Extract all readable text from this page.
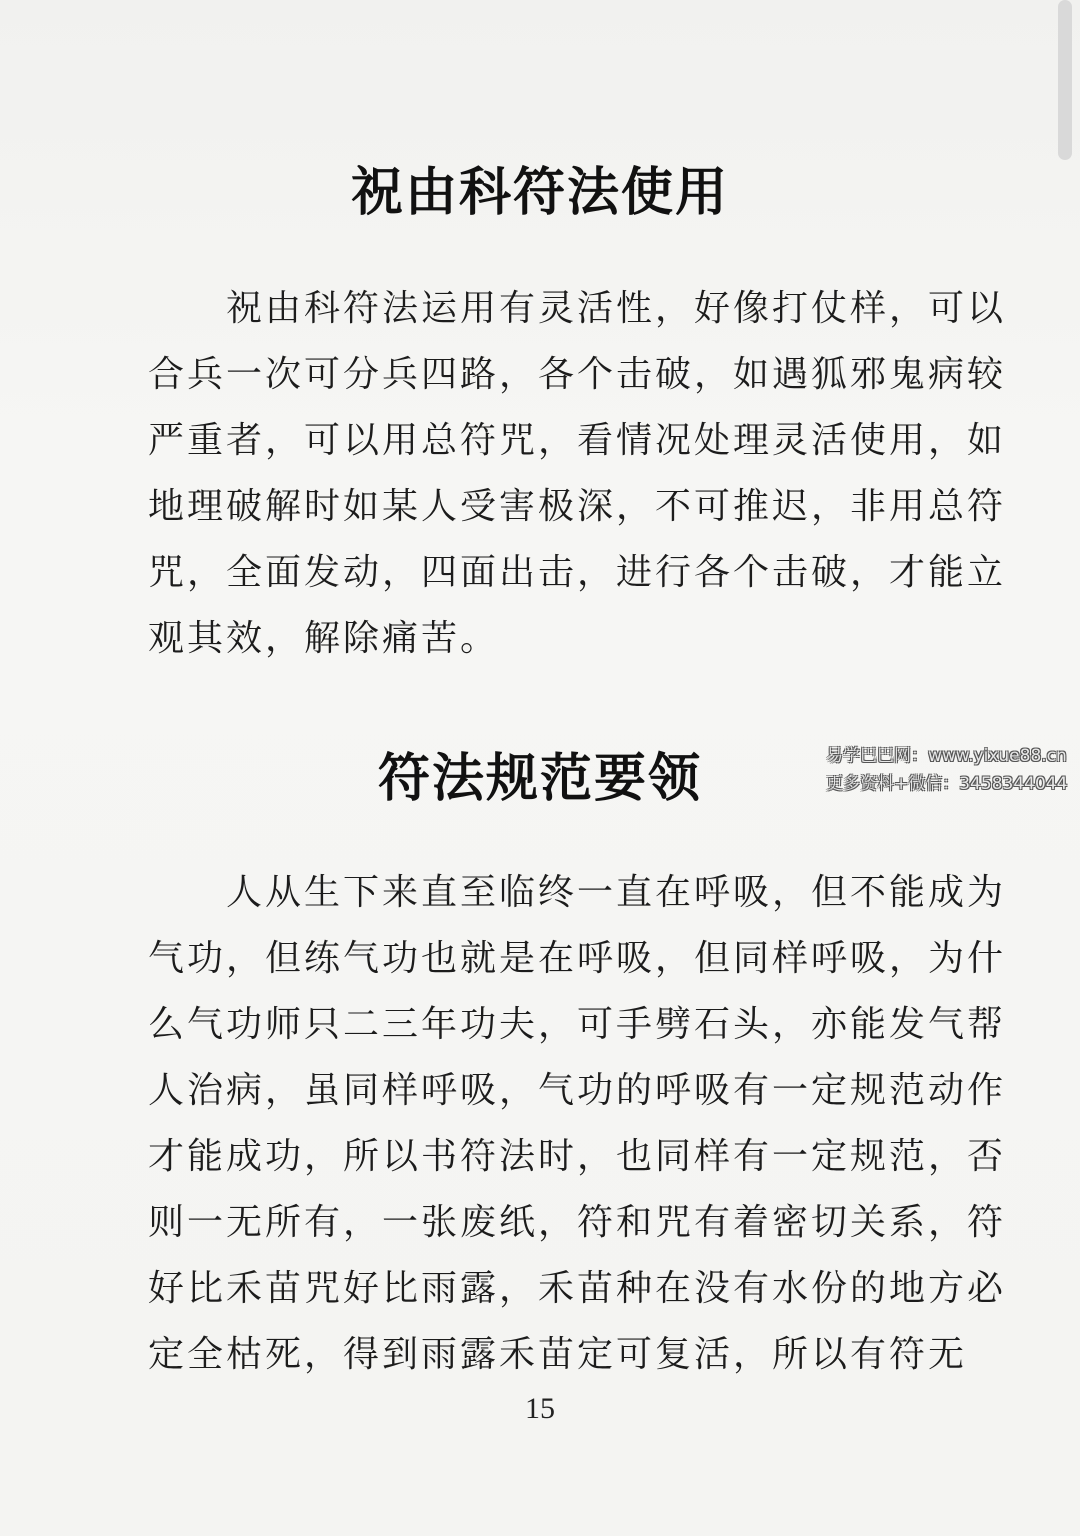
祝由科符法使用
　　祝由科符法运用有灵活性，好像打仗样，可以
合兵一次可分兵四路，各个击破，如遇狐邪鬼病较
严重者，可以用总符咒，看情况处理灵活使用，如
地理破解时如某人受害极深，不可推迟，非用总符
咒，全面发动，四面出击，进行各个击破，才能立
观其效，解除痛苦。
符法规范要领	易学巴巴网：www.yixue88.cn
更多资料+微信：3458344044
　　人从生下来直至临终一直在呼吸，但不能成为
气功，但练气功也就是在呼吸，但同样呼吸，为什
么气功师只二三年功夫，可手劈石头，亦能发气帮
人治病，虽同样呼吸，气功的呼吸有一定规范动作
才能成功，所以书符法时，也同样有一定规范，否
则一无所有，一张废纸，符和咒有着密切关系，符
好比禾苗咒好比雨露，禾苗种在没有水份的地方必
定全枯死，得到雨露禾苗定可复活，所以有符无
15
